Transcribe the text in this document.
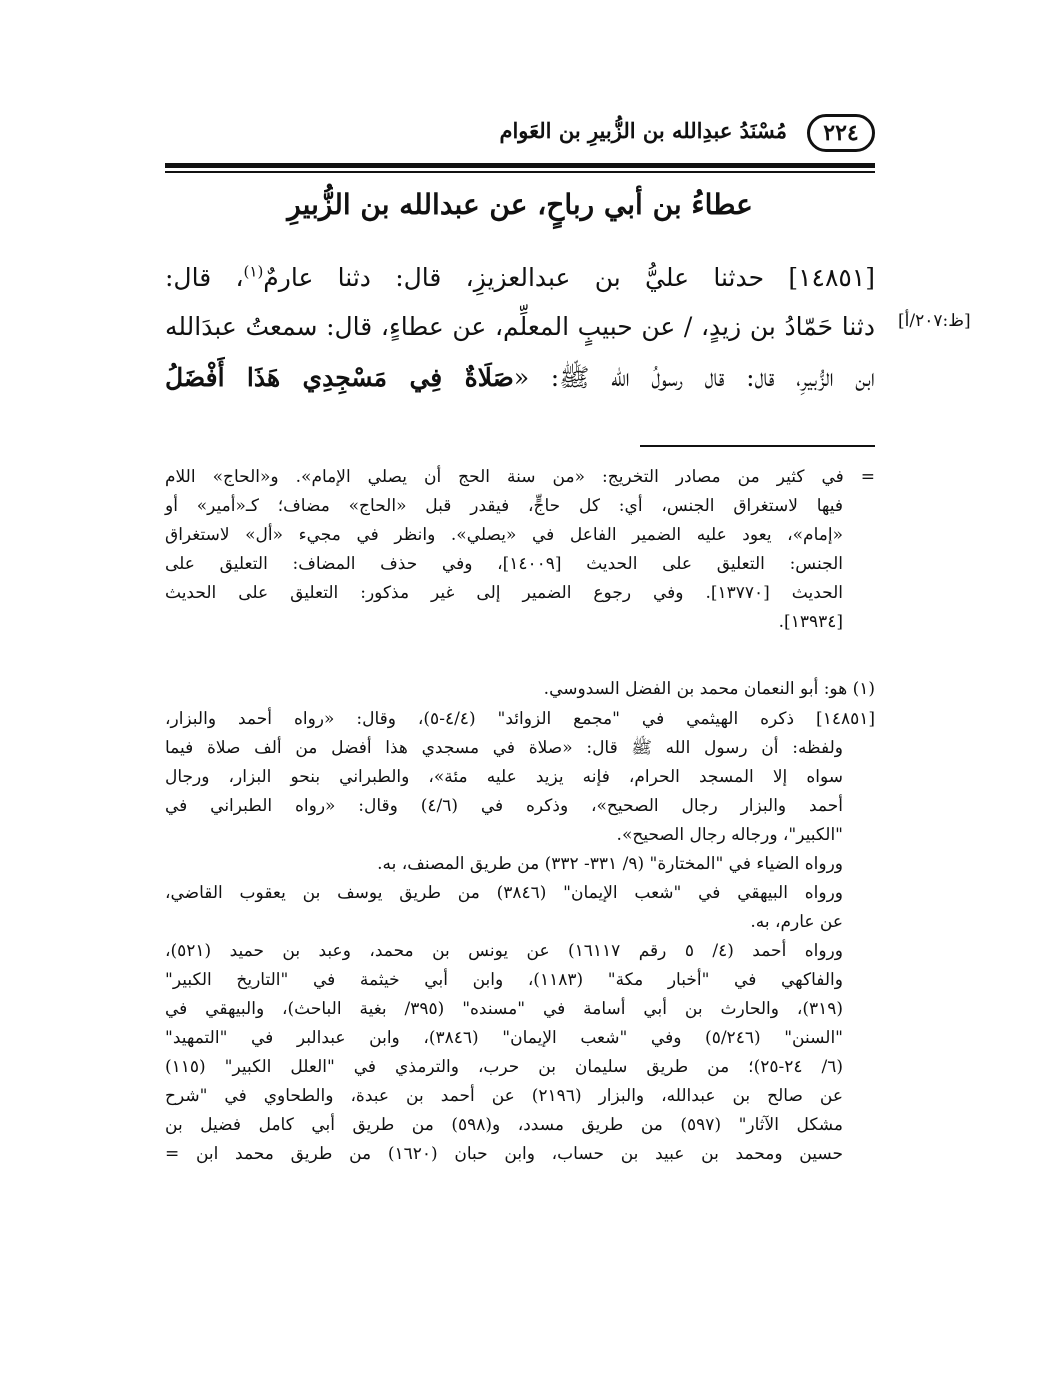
٢٢٤
مُسْنَدُ عبدِالله بن الزُّبيرِ بن العَوام
عطاءُ بن أبي رباحٍ، عن عبدالله بن الزُّبيرِ
[١٤٨٥١] حدثنا عليُّ بن عبدالعزيزِ، قال: دثنا عارمٌ$^{(١)}$، قال:
دثنا حَمّادُ بن زيدٍ، / عن حبيبٍ المعلِّم، عن عطاءٍ، قال: سمعتُ عبدَالله
ابن الزُّبيرِ، قال: قال رسولُ الله ﷺ: «صَلَاةٌ فِي مَسْجِدِي هَذَا أَفْضَلُ
[ظ:٢٠٧/أ]
= في كثير من مصادر التخريج: «من سنة الحج أن يصلي الإمام». و«الحاج» اللام
فيها لاستغراق الجنس، أي: كل حاجٍّ، فيقدر قبل «الحاج» مضاف؛ كـ«أمير» أو
«إمام»، يعود عليه الضمير الفاعل في «يصلي». وانظر في مجيء «أل» لاستغراق
الجنس: التعليق على الحديث [١٤٠٠٩]، وفي حذف المضاف: التعليق على
الحديث [١٣٧٧٠]. وفي رجوع الضمير إلى غير مذكور: التعليق على الحديث
[١٣٩٣٤].
(١) هو: أبو النعمان محمد بن الفضل السدوسي.
[١٤٨٥١] ذكره الهيثمي في "مجمع الزوائد" (٤/٤-٥)، وقال: «رواه أحمد والبزار،
ولفظه: أن رسول الله ﷺ قال: «صلاة في مسجدي هذا أفضل من ألف صلاة فيما
سواه إلا المسجد الحرام، فإنه يزيد عليه مئة»، والطبراني بنحو البزار، ورجال
أحمد والبزار رجال الصحيح»، وذكره في (٤/٦) وقال: «رواه الطبراني في
"الكبير"، ورجاله رجال الصحيح».
ورواه الضياء في "المختارة" (٩/ ٣٣١- ٣٣٢) من طريق المصنف، به.
ورواه البيهقي في "شعب الإيمان" (٣٨٤٦) من طريق يوسف بن يعقوب القاضي،
عن عارم، به.
ورواه أحمد (٤/ ٥ رقم ١٦١١٧) عن يونس بن محمد، وعبد بن حميد (٥٢١)،
والفاكهي في "أخبار مكة" (١١٨٣)، وابن أبي خيثمة في "التاريخ الكبير"
(٣١٩)، والحارث بن أبي أسامة في "مسنده" (٣٩٥/ بغية الباحث)، والبيهقي في
"السنن" (٥/٢٤٦) وفي "شعب الإيمان" (٣٨٤٦)، وابن عبدالبر في "التمهيد"
(٦/ ٢٤-٢٥)؛ من طريق سليمان بن حرب، والترمذي في "العلل الكبير" (١١٥)
عن صالح بن عبدالله، والبزار (٢١٩٦) عن أحمد بن عبدة، والطحاوي في "شرح
مشكل الآثار" (٥٩٧) من طريق مسدد، و(٥٩٨) من طريق أبي كامل فضيل بن
حسين ومحمد بن عبيد بن حساب، وابن حبان (١٦٢٠) من طريق محمد ابن =
